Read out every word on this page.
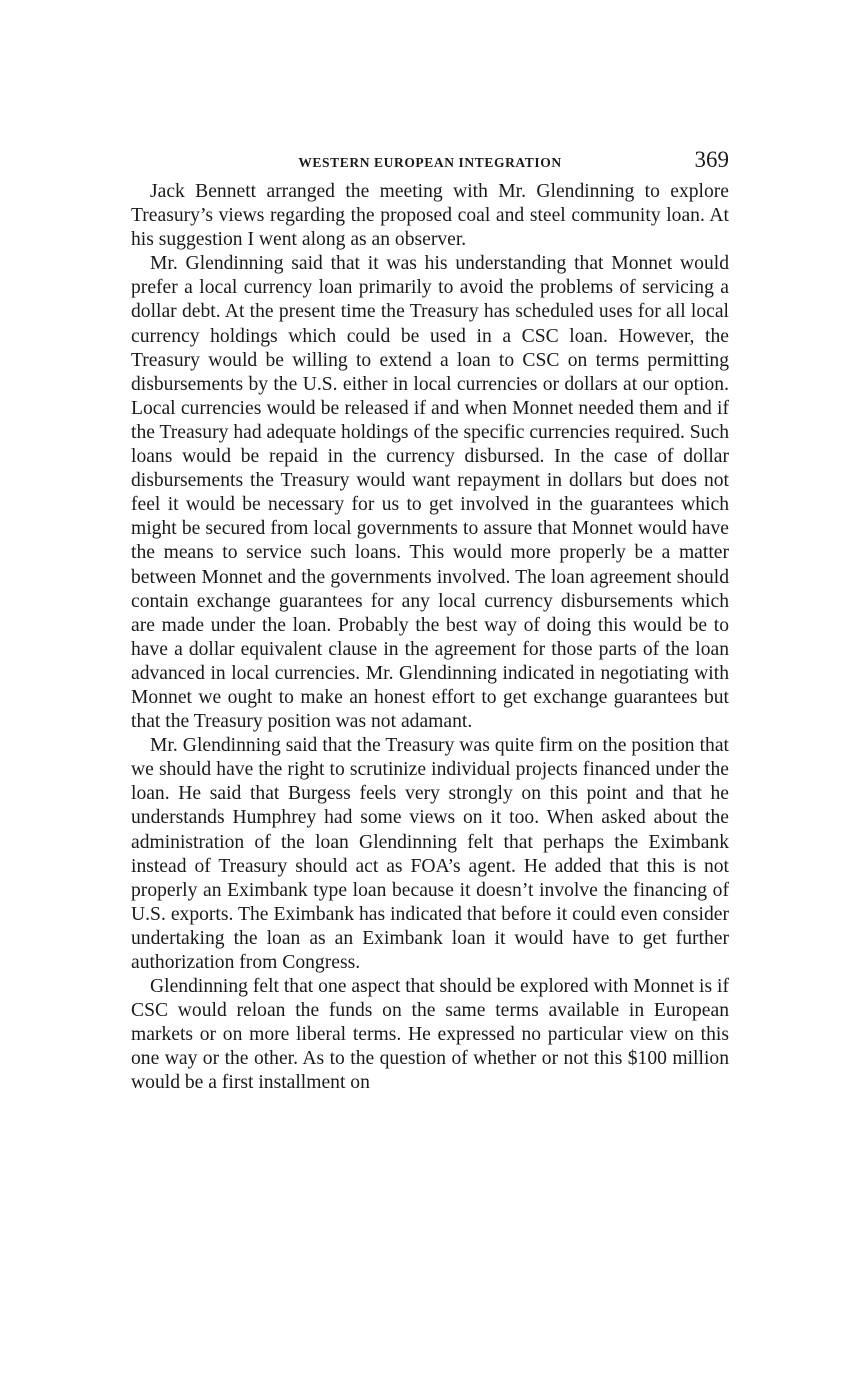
WESTERN EUROPEAN INTEGRATION	369

Jack Bennett arranged the meeting with Mr. Glendinning to explore Treasury’s views regarding the proposed coal and steel community loan. At his suggestion I went along as an observer.

Mr. Glendinning said that it was his understanding that Monnet would prefer a local currency loan primarily to avoid the problems of servicing a dollar debt. At the present time the Treasury has scheduled uses for all local currency holdings which could be used in a CSC loan. However, the Treasury would be willing to extend a loan to CSC on terms permitting disbursements by the U.S. either in local currencies or dollars at our option. Local currencies would be released if and when Monnet needed them and if the Treasury had adequate holdings of the specific currencies required. Such loans would be repaid in the currency disbursed. In the case of dollar disbursements the Treasury would want repayment in dollars but does not feel it would be necessary for us to get involved in the guarantees which might be secured from local governments to assure that Monnet would have the means to service such loans. This would more properly be a matter between Monnet and the governments involved. The loan agreement should contain exchange guarantees for any local currency disbursements which are made under the loan. Probably the best way of doing this would be to have a dollar equivalent clause in the agreement for those parts of the loan advanced in local currencies. Mr. Glendinning indicated in negotiating with Monnet we ought to make an honest effort to get exchange guarantees but that the Treasury position was not adamant.

Mr. Glendinning said that the Treasury was quite firm on the position that we should have the right to scrutinize individual projects financed under the loan. He said that Burgess feels very strongly on this point and that he understands Humphrey had some views on it too. When asked about the administration of the loan Glendinning felt that perhaps the Eximbank instead of Treasury should act as FOA’s agent. He added that this is not properly an Eximbank type loan because it doesn’t involve the financing of U.S. exports. The Eximbank has indicated that before it could even consider undertaking the loan as an Eximbank loan it would have to get further authorization from Congress.

Glendinning felt that one aspect that should be explored with Monnet is if CSC would reloan the funds on the same terms available in European markets or on more liberal terms. He expressed no particular view on this one way or the other. As to the question of whether or not this $100 million would be a first installment on
